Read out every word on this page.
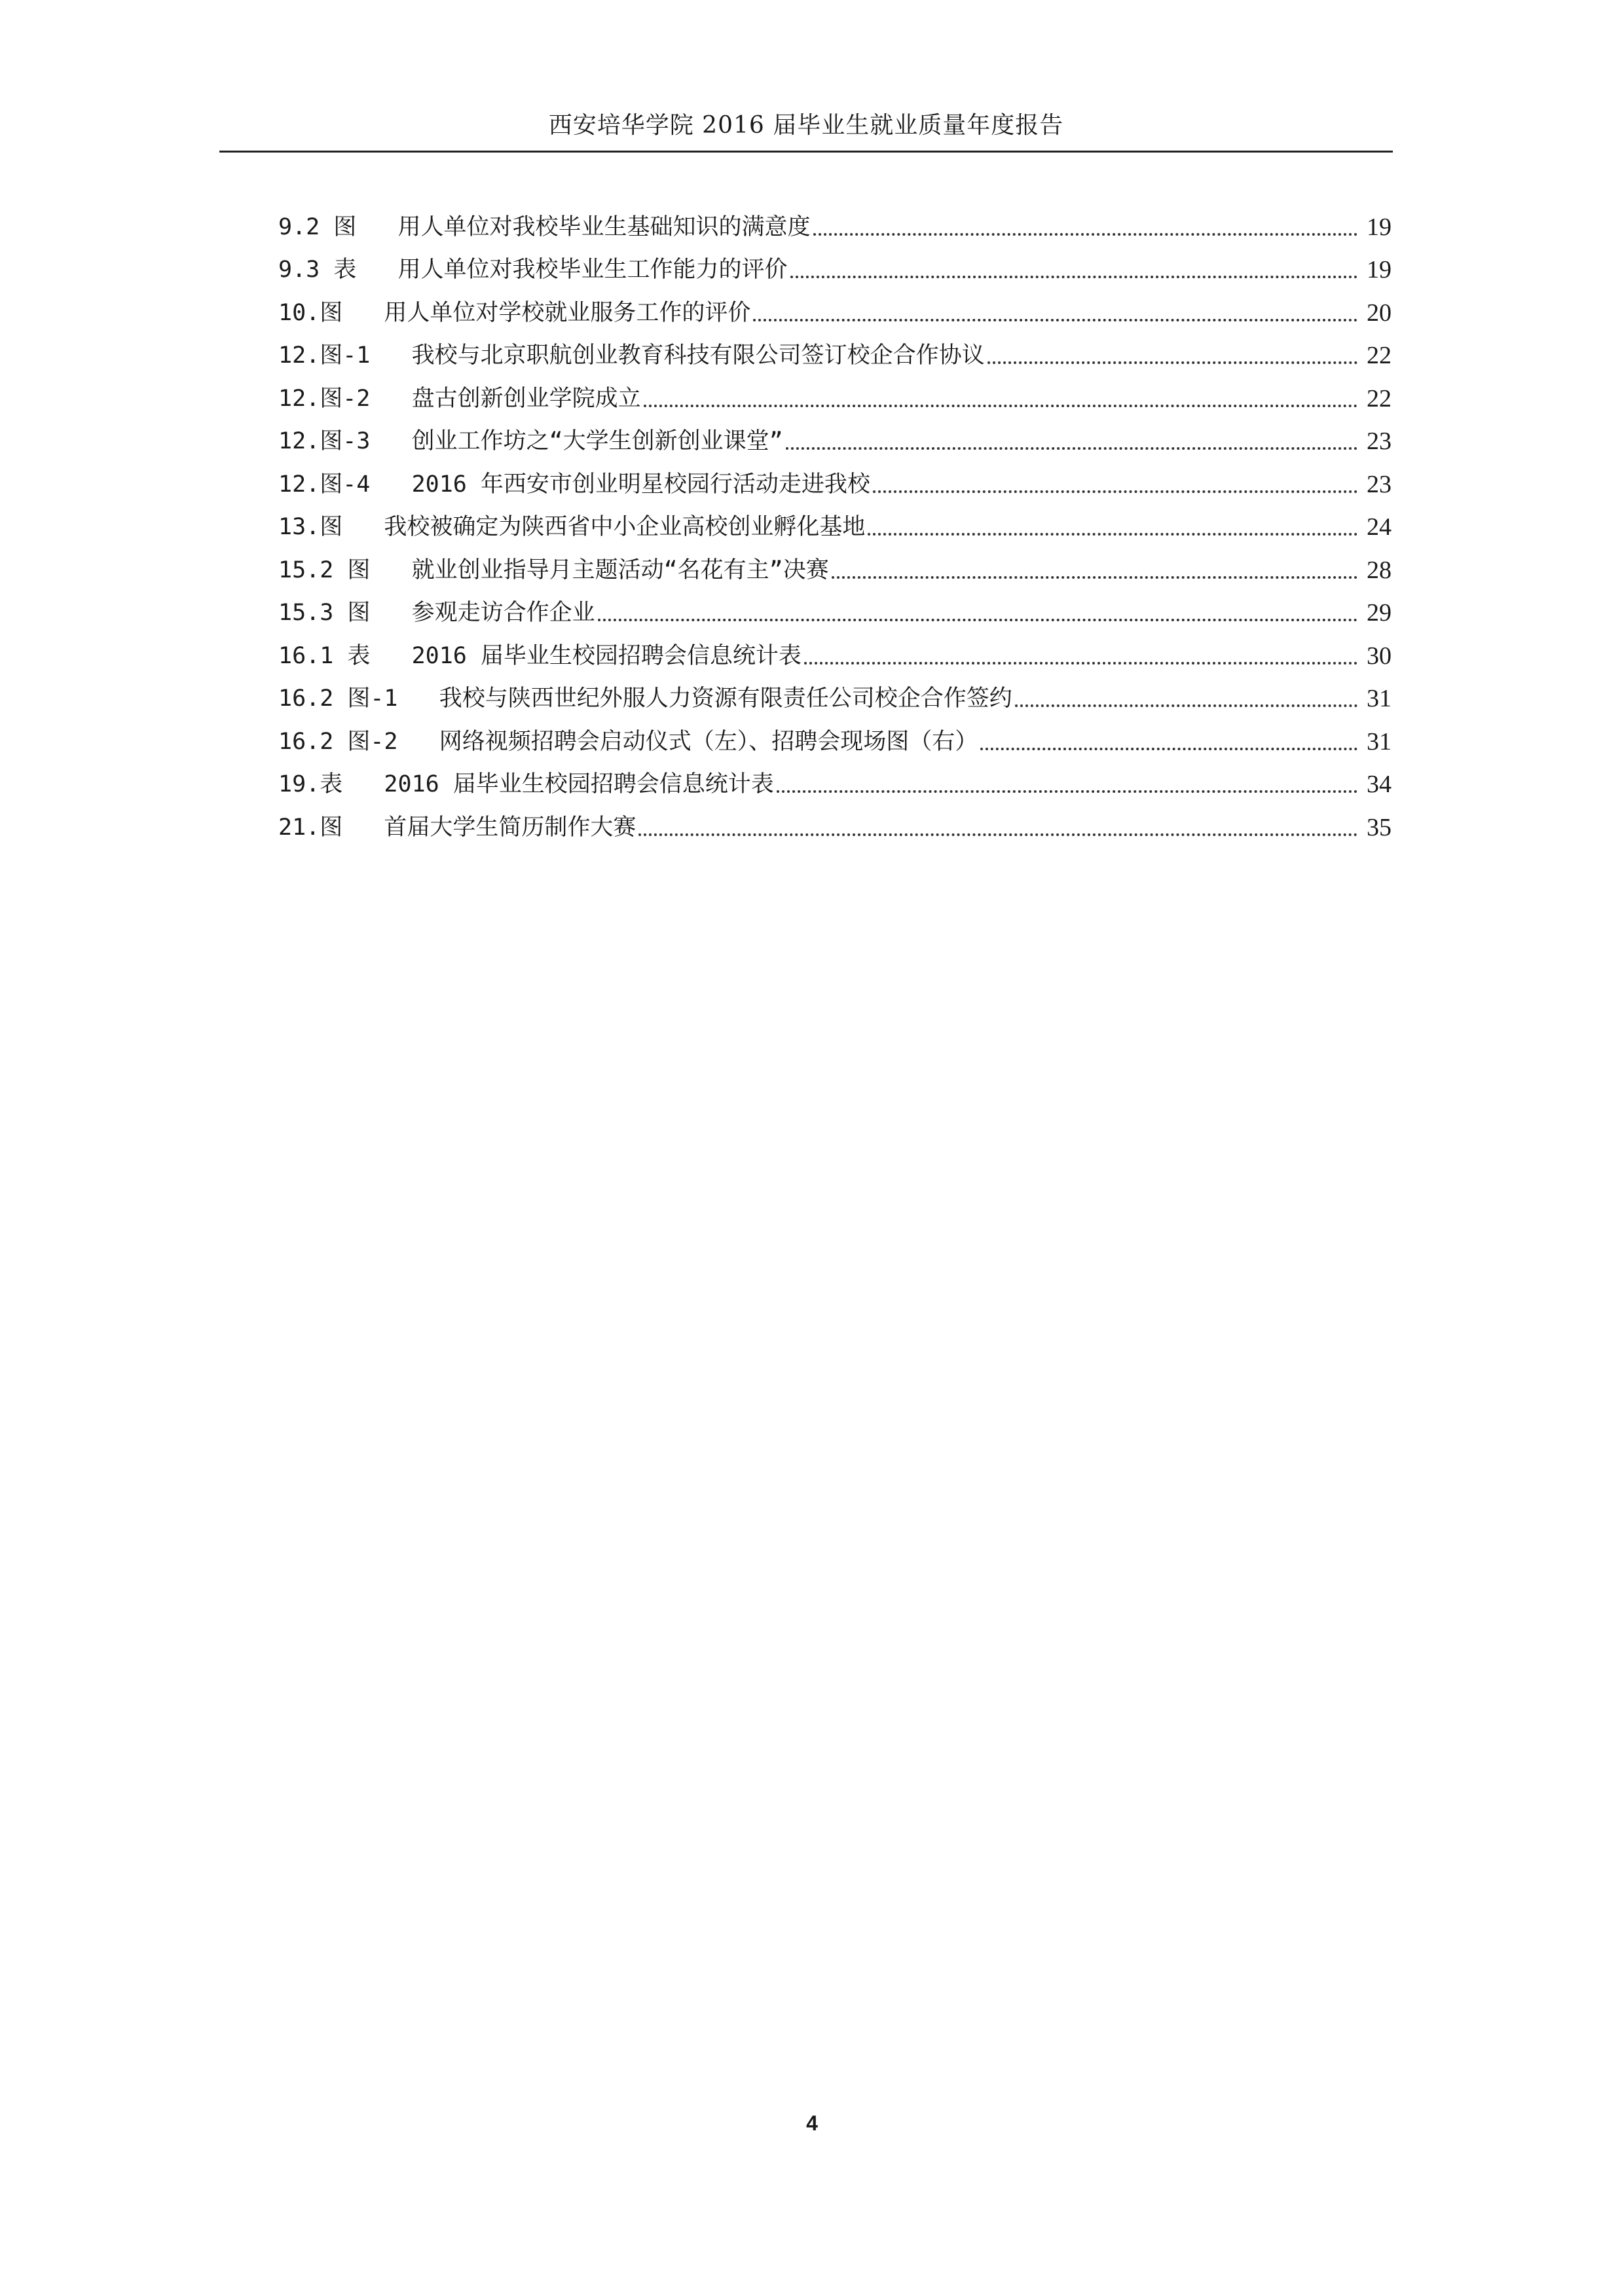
西安培华学院 2016 届毕业生就业质量年度报告
9.2 图   用人单位对我校毕业生基础知识的满意度	19
9.3 表   用人单位对我校毕业生工作能力的评价	19
10.图   用人单位对学校就业服务工作的评价	20
12.图-1   我校与北京职航创业教育科技有限公司签订校企合作协议	22
12.图-2   盘古创新创业学院成立	22
12.图-3   创业工作坊之“大学生创新创业课堂”	23
12.图-4   2016 年西安市创业明星校园行活动走进我校	23
13.图   我校被确定为陕西省中小企业高校创业孵化基地	24
15.2 图   就业创业指导月主题活动“名花有主”决赛	28
15.3 图   参观走访合作企业	29
16.1 表   2016 届毕业生校园招聘会信息统计表	30
16.2 图-1   我校与陕西世纪外服人力资源有限责任公司校企合作签约	31
16.2 图-2   网络视频招聘会启动仪式（左）、招聘会现场图（右）	31
19.表   2016 届毕业生校园招聘会信息统计表	34
21.图   首届大学生简历制作大赛	35
4
